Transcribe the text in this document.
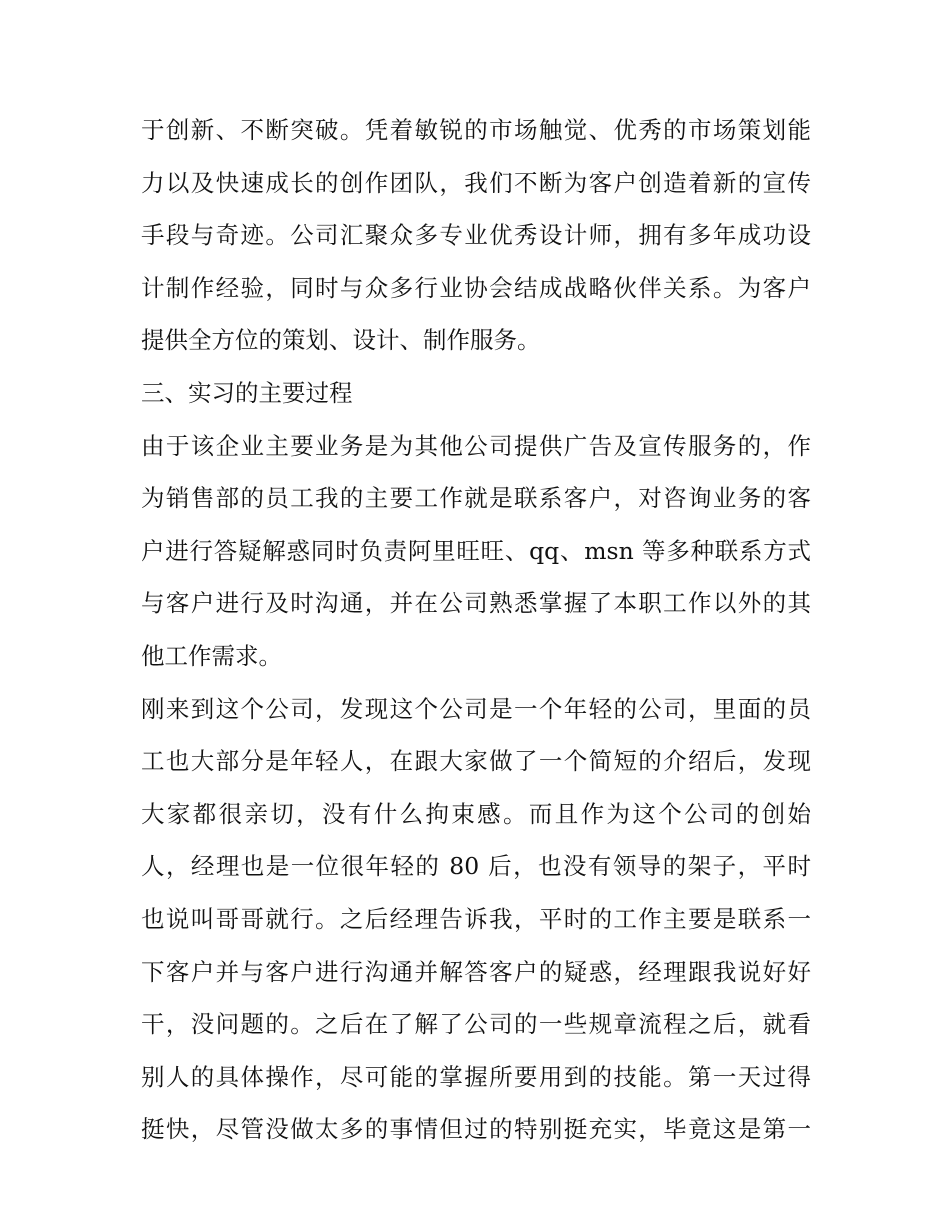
于创新、不断突破。凭着敏锐的市场触觉、优秀的市场策划能
力以及快速成长的创作团队，我们不断为客户创造着新的宣传
手段与奇迹。公司汇聚众多专业优秀设计师，拥有多年成功设
计制作经验，同时与众多行业协会结成战略伙伴关系。为客户
提供全方位的策划、设计、制作服务。
三、实习的主要过程
由于该企业主要业务是为其他公司提供广告及宣传服务的，作
为销售部的员工我的主要工作就是联系客户，对咨询业务的客
户进行答疑解惑同时负责阿里旺旺、qq、msn 等多种联系方式
与客户进行及时沟通，并在公司熟悉掌握了本职工作以外的其
他工作需求。
刚来到这个公司，发现这个公司是一个年轻的公司，里面的员
工也大部分是年轻人，在跟大家做了一个简短的介绍后，发现
大家都很亲切，没有什么拘束感。而且作为这个公司的创始
人，经理也是一位很年轻的 80 后，也没有领导的架子，平时
也说叫哥哥就行。之后经理告诉我，平时的工作主要是联系一
下客户并与客户进行沟通并解答客户的疑惑，经理跟我说好好
干，没问题的。之后在了解了公司的一些规章流程之后，就看
别人的具体操作，尽可能的掌握所要用到的技能。第一天过得
挺快，尽管没做太多的事情但过的特别挺充实，毕竟这是第一
